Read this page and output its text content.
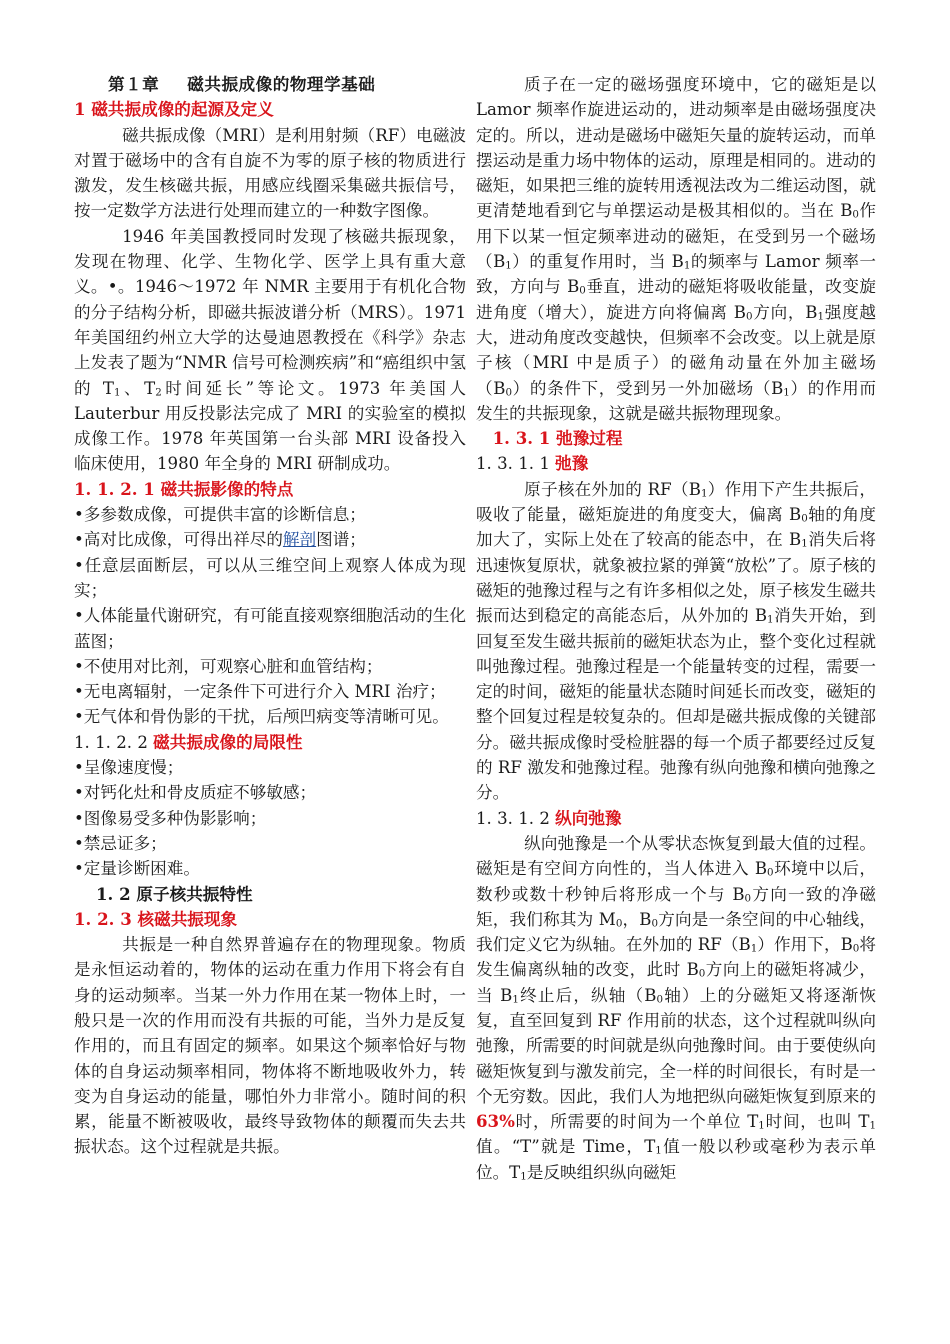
第１章 磁共振成像的物理学基础

1 磁共振成像的起源及定义

磁共振成像（MRI）是利用射频（RF）电磁波对置于磁场中的含有自旋不为零的原子核的物质进行激发，发生核磁共振，用感应线圈采集磁共振信号，按一定数学方法进行处理而建立的一种数字图像。

1946 年美国教授同时发现了核磁共振现象，发现在物理、化学、生物化学、医学上具有重大意义。•。1946～1972 年 NMR 主要用于有机化合物的分子结构分析，即磁共振波谱分析（MRS）。1971 年美国纽约州立大学的达曼迪恩教授在《科学》杂志上发表了题为“NMR 信号可检测疾病”和“癌组织中氢的 T1、T2时间延长”等论文。1973 年美国人 Lauterbur 用反投影法完成了 MRI 的实验室的模拟成像工作。1978 年英国第一台头部 MRI 设备投入临床使用，1980 年全身的 MRI 研制成功。

1. 1. 2. 1 磁共振影像的特点

•多参数成像，可提供丰富的诊断信息；

•高对比成像，可得出祥尽的解剖图谱；

•任意层面断层，可以从三维空间上观察人体成为现实；

•人体能量代谢研究，有可能直接观察细胞活动的生化蓝图；

•不使用对比剂，可观察心脏和血管结构；

•无电离辐射，一定条件下可进行介入 MRI 治疗；

•无气体和骨伪影的干扰，后颅凹病变等清晰可见。

1. 1. 2. 2 磁共振成像的局限性

•呈像速度慢；

•对钙化灶和骨皮质症不够敏感；

•图像易受多种伪影影响；

•禁忌证多；

•定量诊断困难。

1. 2 原子核共振特性

1. 2. 3 核磁共振现象

共振是一种自然界普遍存在的物理现象。物质是永恒运动着的，物体的运动在重力作用下将会有自身的运动频率。当某一外力作用在某一物体上时，一般只是一次的作用而没有共振的可能，当外力是反复作用的，而且有固定的频率。如果这个频率恰好与物体的自身运动频率相同，物体将不断地吸收外力，转变为自身运动的能量，哪怕外力非常小。随时间的积累，能量不断被吸收，最终导致物体的颠覆而失去共振状态。这个过程就是共振。

质子在一定的磁场强度环境中，它的磁矩是以 Lamor 频率作旋进运动的，进动频率是由磁场强度决定的。所以，进动是磁场中磁矩矢量的旋转运动，而单摆运动是重力场中物体的运动，原理是相同的。进动的磁矩，如果把三维的旋转用透视法改为二维运动图，就更清楚地看到它与单摆运动是极其相似的。当在 B0作用下以某一恒定频率进动的磁矩，在受到另一个磁场（B1）的重复作用时，当 B1的频率与 Lamor 频率一致，方向与 B0垂直，进动的磁矩将吸收能量，改变旋进角度（增大），旋进方向将偏离 B0方向，B1强度越大，进动角度改变越快，但频率不会改变。以上就是原子核（MRI 中是质子）的磁角动量在外加主磁场（B0）的条件下，受到另一外加磁场（B1）的作用而发生的共振现象，这就是磁共振物理现象。

1. 3. 1 弛豫过程

1. 3. 1. 1 弛豫

原子核在外加的 RF（B1）作用下产生共振后，吸收了能量，磁矩旋进的角度变大，偏离 B0轴的角度加大了，实际上处在了较高的能态中，在 B1消失后将迅速恢复原状，就象被拉紧的弹簧“放松”了。原子核的磁矩的弛豫过程与之有许多相似之处，原子核发生磁共振而达到稳定的高能态后，从外加的 B1消失开始，到回复至发生磁共振前的磁矩状态为止，整个变化过程就叫弛豫过程。弛豫过程是一个能量转变的过程，需要一定的时间，磁矩的能量状态随时间延长而改变，磁矩的整个回复过程是较复杂的。但却是磁共振成像的关键部分。磁共振成像时受检脏器的每一个质子都要经过反复的 RF 激发和弛豫过程。弛豫有纵向弛豫和横向弛豫之分。

1. 3. 1. 2 纵向弛豫

纵向弛豫是一个从零状态恢复到最大值的过程。磁矩是有空间方向性的，当人体进入 B0环境中以后，数秒或数十秒钟后将形成一个与 B0方向一致的净磁矩，我们称其为 M0，B0方向是一条空间的中心轴线，我们定义它为纵轴。在外加的 RF（B1）作用下，B0将发生偏离纵轴的改变，此时 B0方向上的磁矩将减少，当 B1终止后，纵轴（B0轴）上的分磁矩又将逐渐恢复，直至回复到 RF 作用前的状态，这个过程就叫纵向弛豫，所需要的时间就是纵向弛豫时间。由于要使纵向磁矩恢复到与激发前完，全一样的时间很长，有时是一个无穷数。因此，我们人为地把纵向磁矩恢复到原来的63%时，所需要的时间为一个单位 T1时间，也叫 T1值。“T”就是 Time，T1值一般以秒或毫秒为表示单位。T1是反映组织纵向磁矩
